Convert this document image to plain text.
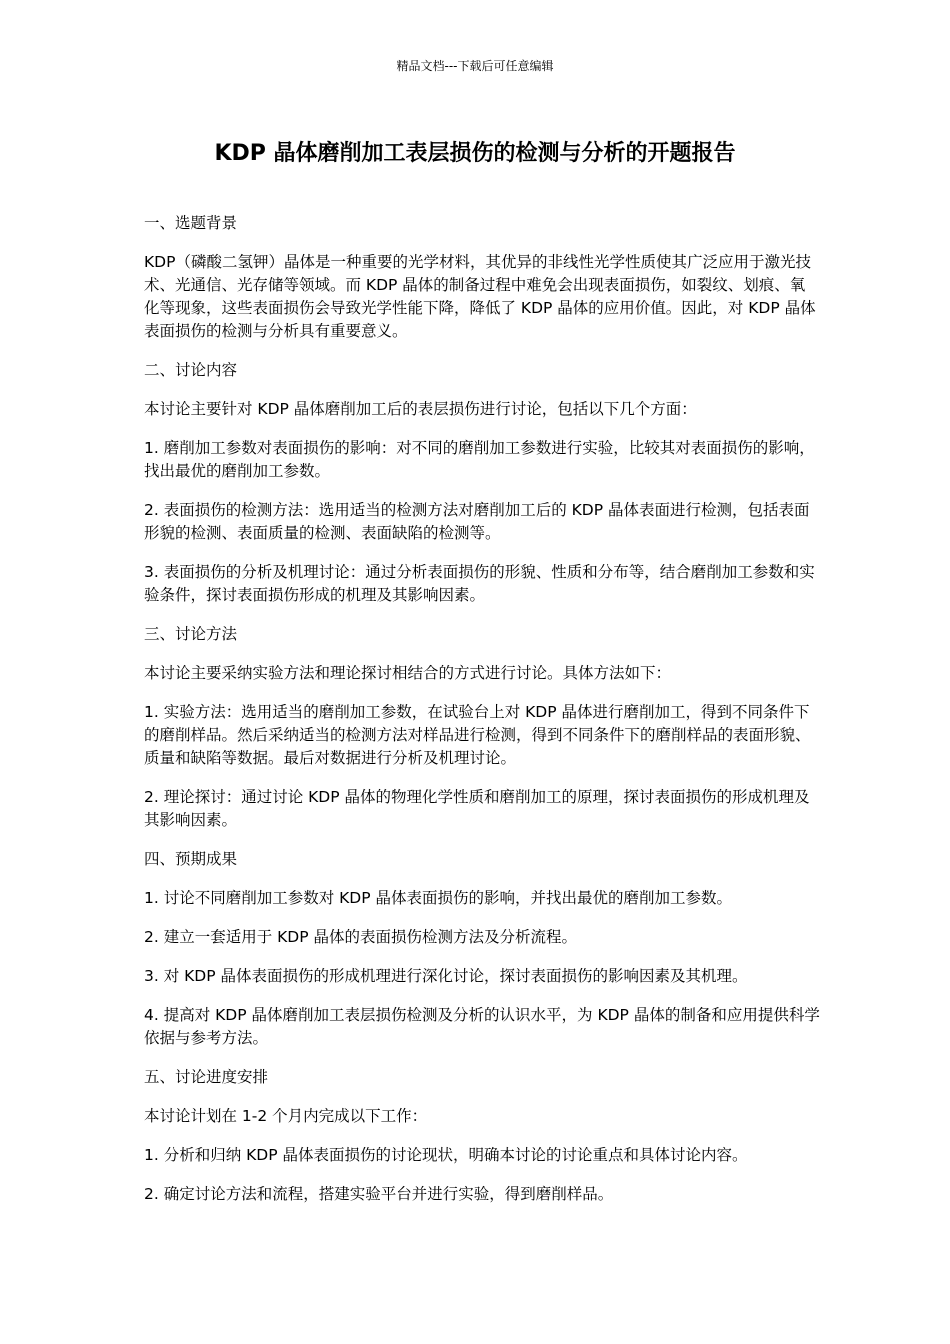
精品文档---下载后可任意编辑
KDP 晶体磨削加工表层损伤的检测与分析的开题报告

一、选题背景

KDP（磷酸二氢钾）晶体是一种重要的光学材料，其优异的非线性光学性质使其广泛应用于激光技术、光通信、光存储等领域。而 KDP 晶体的制备过程中难免会出现表面损伤，如裂纹、划痕、氧化等现象，这些表面损伤会导致光学性能下降，降低了 KDP 晶体的应用价值。因此，对 KDP 晶体表面损伤的检测与分析具有重要意义。

二、讨论内容

本讨论主要针对 KDP 晶体磨削加工后的表层损伤进行讨论，包括以下几个方面：

1. 磨削加工参数对表面损伤的影响：对不同的磨削加工参数进行实验，比较其对表面损伤的影响，找出最优的磨削加工参数。

2. 表面损伤的检测方法：选用适当的检测方法对磨削加工后的 KDP 晶体表面进行检测，包括表面形貌的检测、表面质量的检测、表面缺陷的检测等。

3. 表面损伤的分析及机理讨论：通过分析表面损伤的形貌、性质和分布等，结合磨削加工参数和实验条件，探讨表面损伤形成的机理及其影响因素。

三、讨论方法

本讨论主要采纳实验方法和理论探讨相结合的方式进行讨论。具体方法如下：

1. 实验方法：选用适当的磨削加工参数，在试验台上对 KDP 晶体进行磨削加工，得到不同条件下的磨削样品。然后采纳适当的检测方法对样品进行检测，得到不同条件下的磨削样品的表面形貌、质量和缺陷等数据。最后对数据进行分析及机理讨论。

2. 理论探讨：通过讨论 KDP 晶体的物理化学性质和磨削加工的原理，探讨表面损伤的形成机理及其影响因素。

四、预期成果

1. 讨论不同磨削加工参数对 KDP 晶体表面损伤的影响，并找出最优的磨削加工参数。

2. 建立一套适用于 KDP 晶体的表面损伤检测方法及分析流程。

3. 对 KDP 晶体表面损伤的形成机理进行深化讨论，探讨表面损伤的影响因素及其机理。

4. 提高对 KDP 晶体磨削加工表层损伤检测及分析的认识水平，为 KDP 晶体的制备和应用提供科学依据与参考方法。

五、讨论进度安排

本讨论计划在 1-2 个月内完成以下工作：

1. 分析和归纳 KDP 晶体表面损伤的讨论现状，明确本讨论的讨论重点和具体讨论内容。

2. 确定讨论方法和流程，搭建实验平台并进行实验，得到磨削样品。
